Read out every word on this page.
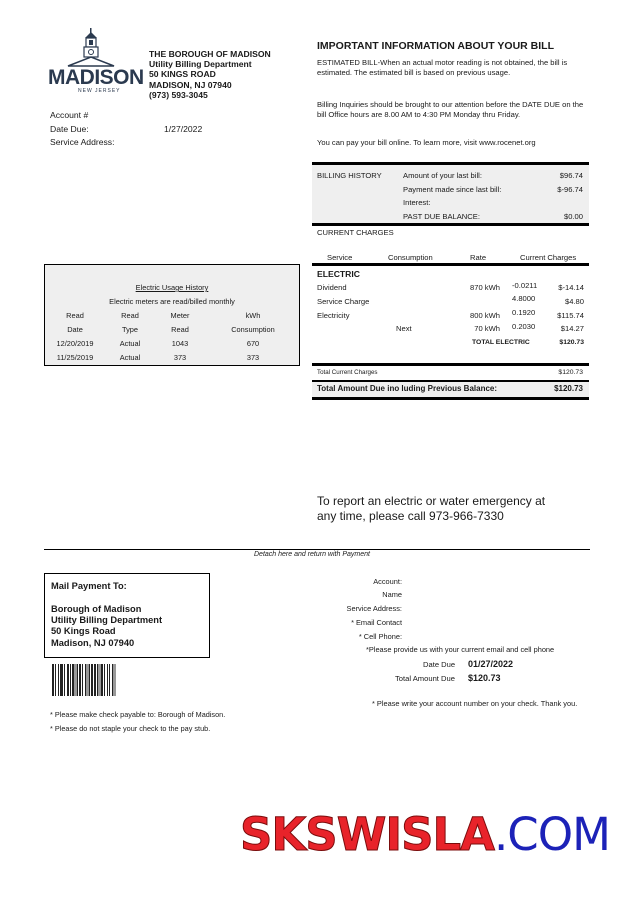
MADISON
NEW JERSEY
THE BOROUGH OF MADISON
Utility Billing Department
50 KINGS ROAD
MADISON, NJ 07940
(973) 593-3045
Account #
Date Due:	1/27/2022
Service Address:
IMPORTANT INFORMATION ABOUT YOUR BILL
ESTIMATED BILL-When an actual motor reading is not obtained, the bill is estimated. The estimated bill is based on previous usage.
Billing Inquiries should be brought to our attention before the DATE DUE on the bill Office hours are 8.00 AM to 4:30 PM Monday thru Friday.
You can pay your bill online. To learn more, visit www.rocenet.org
BILLING HISTORY	Amount of your last bill:	$96.74
Payment made since last bill:	$-96.74
Interest:
PAST DUE BALANCE:	$0.00
CURRENT CHARGES
Service	Consumption	Rate	Current Charges
ELECTRIC
Dividend	870 kWh -0.0211	$-14.14
Service Charge	4.8000	$4.80
Electricity	800 kWh 0.1920	$115.74
Next	70 kWh 0.2030	$14.27
TOTAL ELECTRIC	$120.73
Total Current Charges	$120.73
Total Amount Due ino luding Previous Balance:	$120.73
Electric Usage History
Electric meters are read/billed monthly
Read	Read	Meter	kWh
Date	Type	Read	Consumption
12/20/2019	Actual	1043	670
11/25/2019	Actual	373	373
To report an electric or water emergency at
any time, please call 973-966-7330
Detach here and return with Payment
Mail Payment To:
Borough of Madison
Utility Billing Department
50 Kings Road
Madison, NJ 07940
* Please make check payable to: Borough of Madison.
* Please do not staple your check to the pay stub.
Account:
Name
Service Address:
* Email Contact
* Cell Phone:
*Please provide us with your current email and cell phone
Date Due 01/27/2022
Total Amount Due $120.73
* Please write your account number on your check. Thank you.
SKSWISLA.COM
